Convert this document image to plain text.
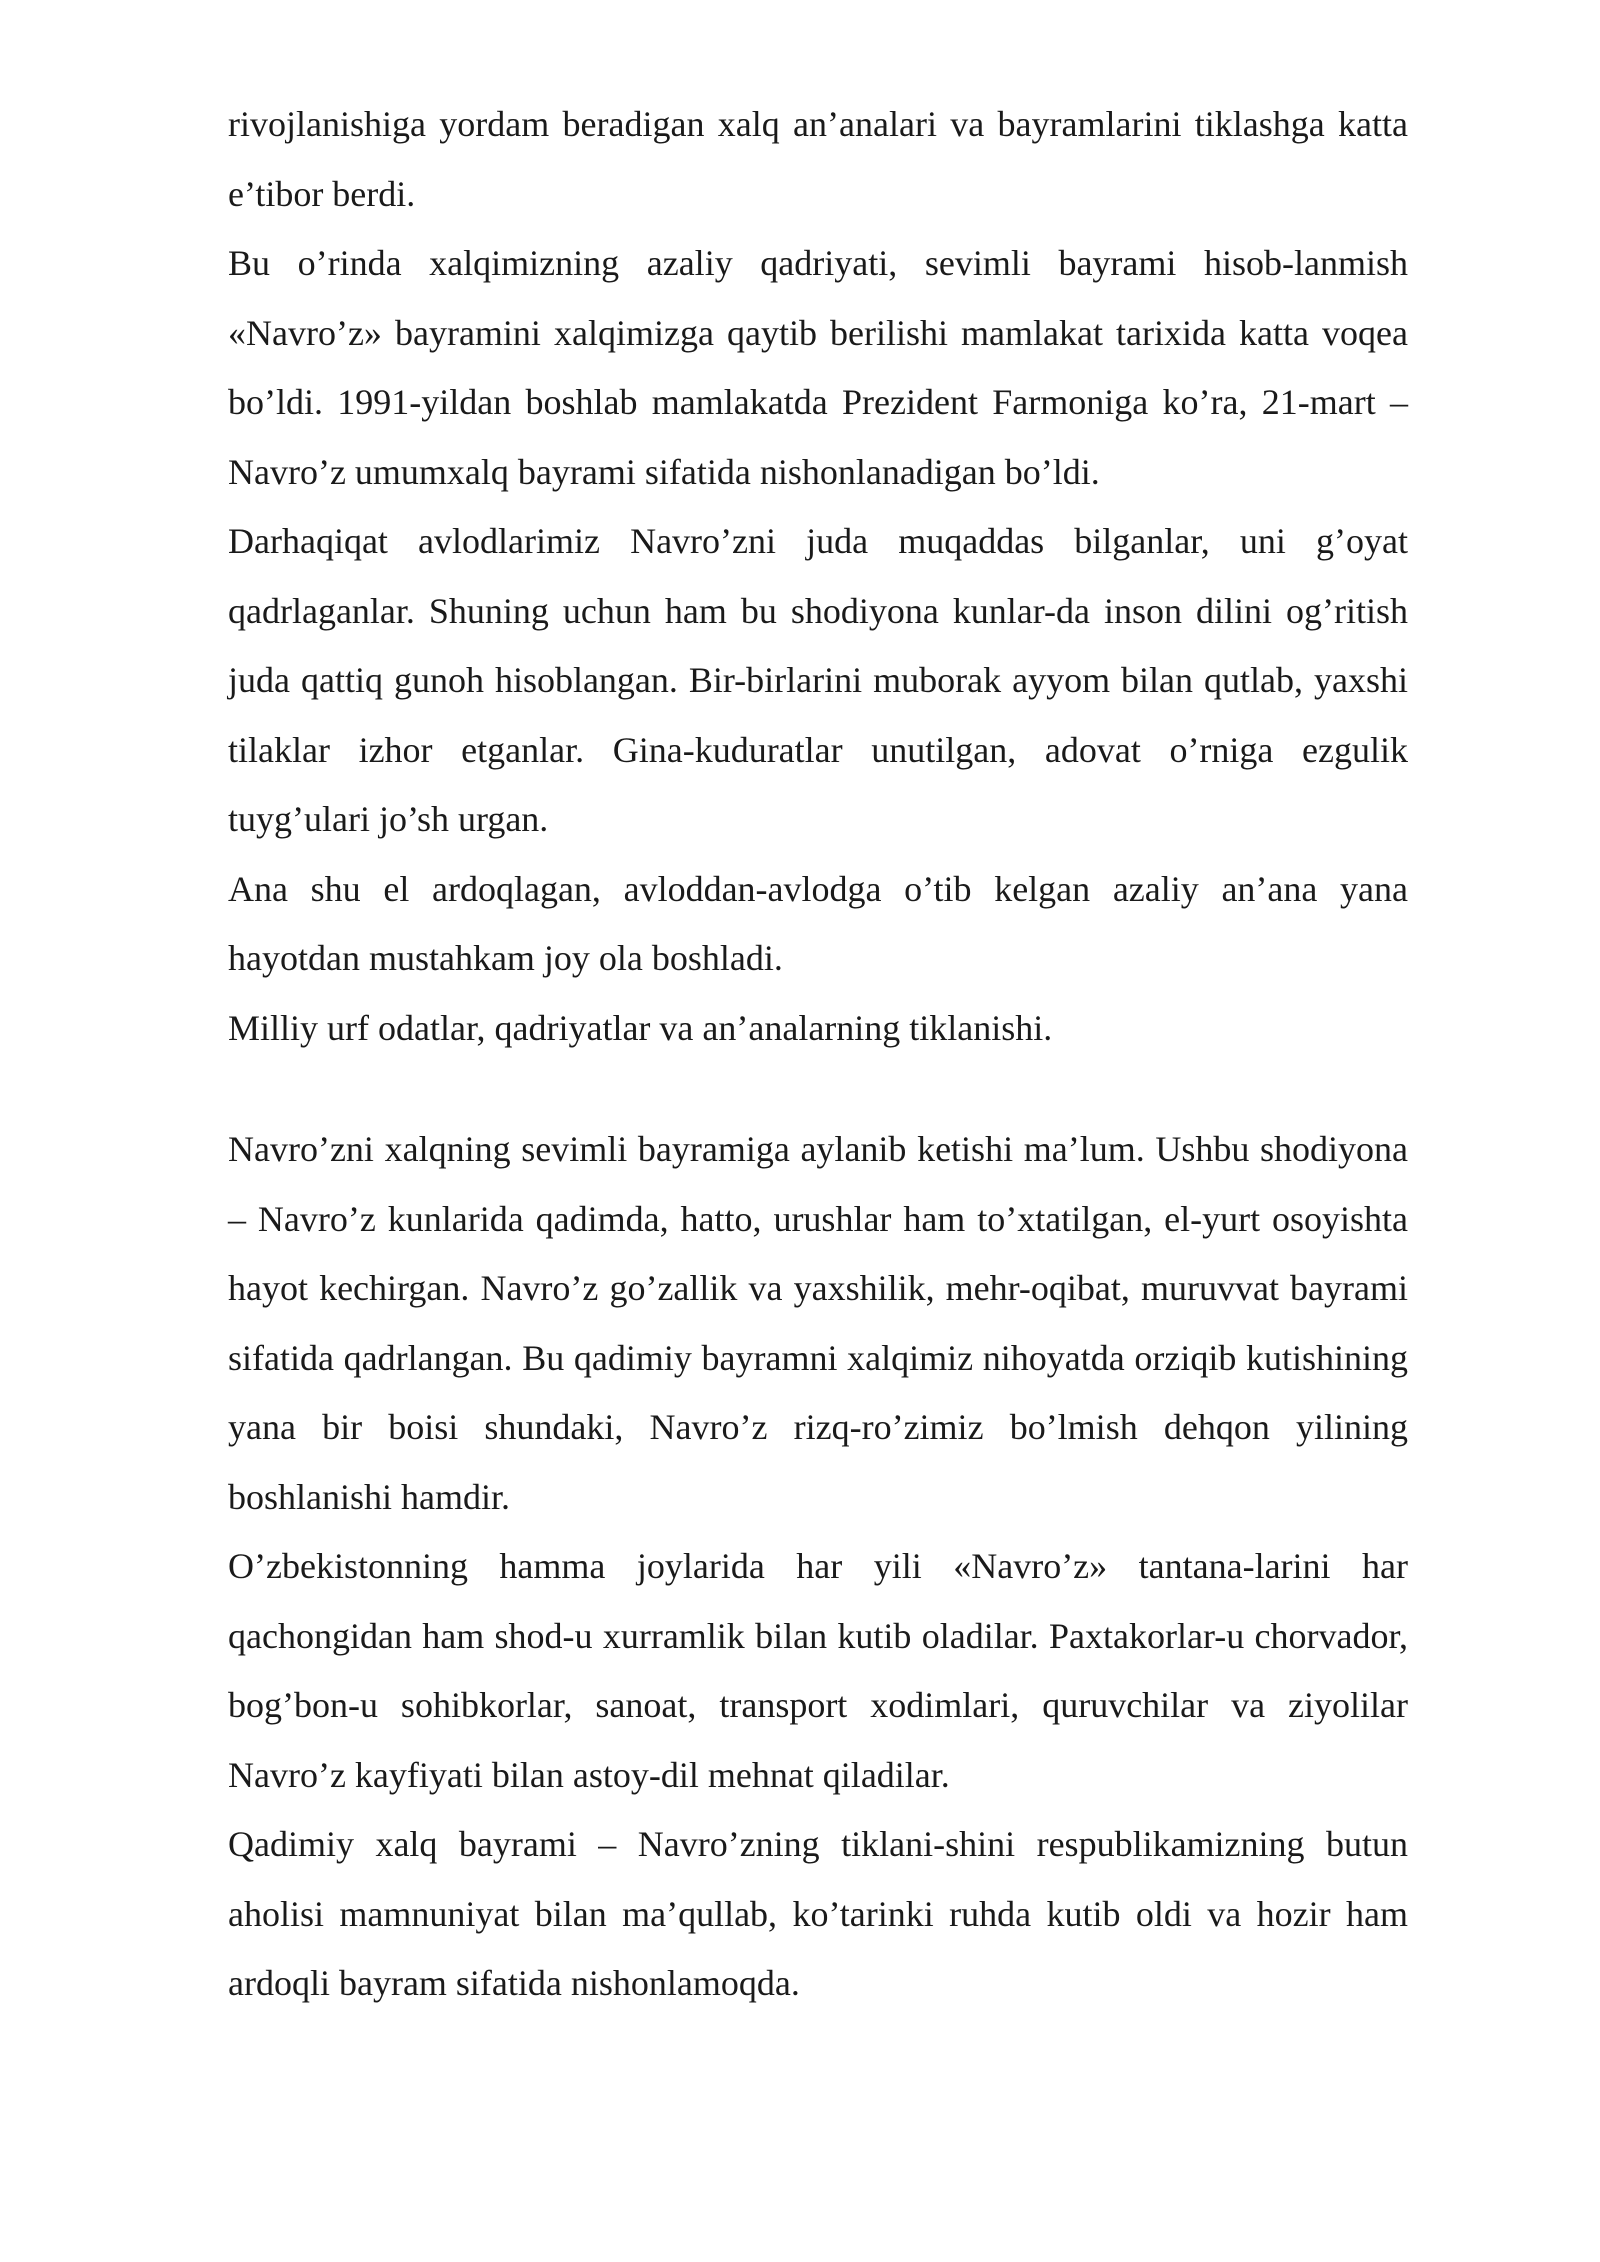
rivojlanishiga yordam beradigan xalq an’analari va bayramlarini tiklashga katta e’tibor berdi.

Bu o’rinda xalqimizning azaliy qadriyati, sevimli bayrami hisob-lanmish «Navro’z» bayramini xalqimizga qaytib berilishi mamlakat tarixida katta voqea bo’ldi. 1991-yildan boshlab mamlakatda Prezident Farmoniga ko’ra, 21-mart – Navro’z umumxalq bayrami sifatida nishonlanadigan bo’ldi.

Darhaqiqat avlodlarimiz Navro’zni juda muqaddas bilganlar, uni g’oyat qadrlaganlar. Shuning uchun ham bu shodiyona kunlar-da inson dilini og’ritish juda qattiq gunoh hisoblangan. Bir-birlarini muborak ayyom bilan qutlab, yaxshi tilaklar izhor etganlar. Gina-kuduratlar unutilgan, adovat o’rniga ezgulik tuyg’ulari jo’sh urgan.

Ana shu el ardoqlagan, avloddan-avlodga o’tib kelgan azaliy an’ana yana hayotdan mustahkam joy ola boshladi.

Milliy urf odatlar, qadriyatlar va an’analarning tiklanishi.

Navro’zni xalqning sevimli bayramiga aylanib ketishi ma’lum. Ushbu shodiyona – Navro’z kunlarida qadimda, hatto, urushlar ham to’xtatilgan, el-yurt osoyishta hayot kechirgan. Navro’z go’zallik va yaxshilik, mehr-oqibat, muruvvat bayrami sifatida qadrlangan. Bu qadimiy bayramni xalqimiz nihoyatda orziqib kutishining yana bir boisi shundaki, Navro’z rizq-ro’zimiz bo’lmish dehqon yilining boshlanishi hamdir.

O’zbekistonning hamma joylarida har yili «Navro’z» tantana-larini har qachongidan ham shod-u xurramlik bilan kutib oladilar. Paxtakorlar-u chorvador, bog’bon-u sohibkorlar, sanoat, transport xodimlari, quruvchilar va ziyolilar Navro’z kayfiyati bilan astoy-dil mehnat qiladilar.

Qadimiy xalq bayrami – Navro’zning tiklani-shini respublikamizning butun aholisi mamnuniyat bilan ma’qullab, ko’tarinki ruhda kutib oldi va hozir ham ardoqli bayram sifatida nishonlamoqda.
